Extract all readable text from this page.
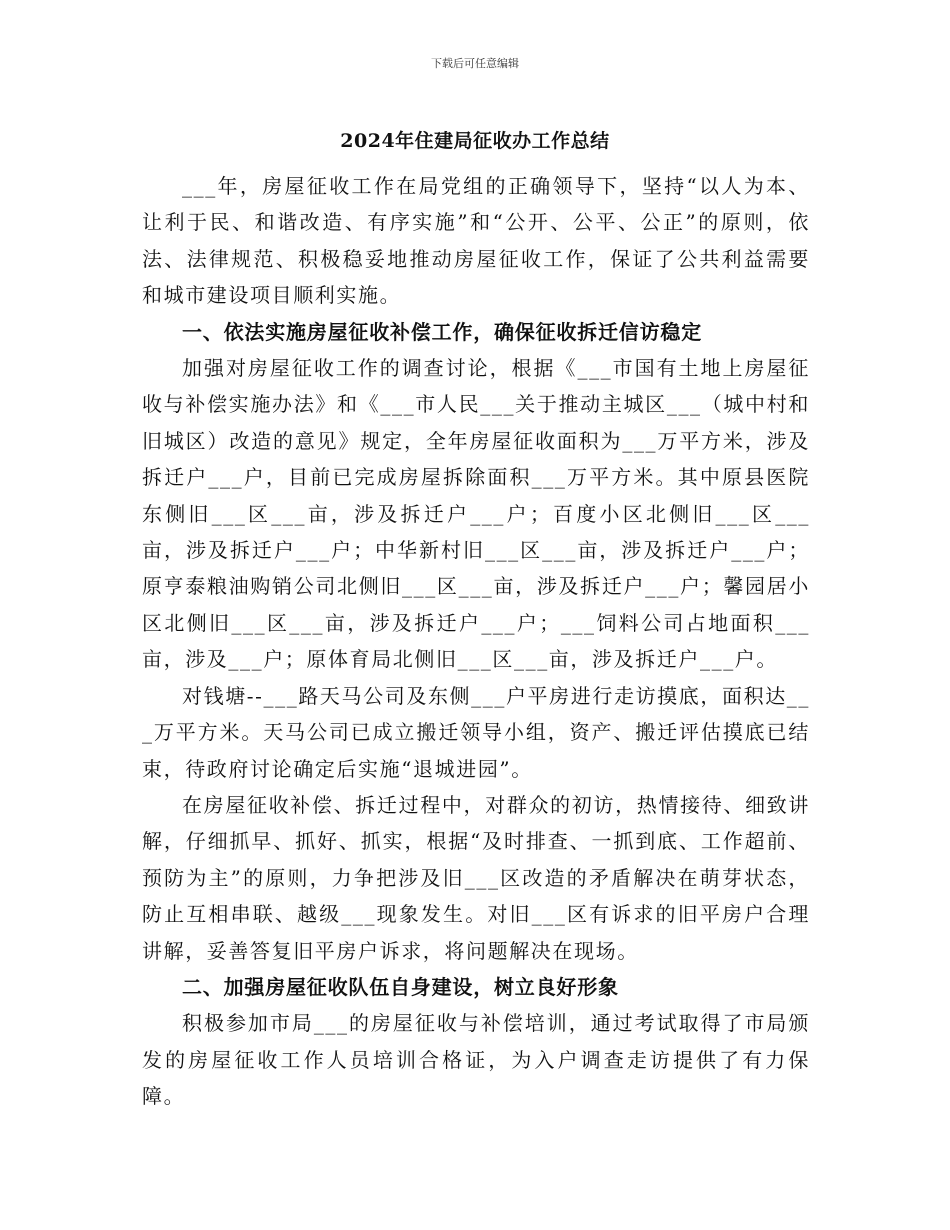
下载后可任意编辑
2024年住建局征收办工作总结

___年，房屋征收工作在局党组的正确领导下，坚持“以人为本、让利于民、和谐改造、有序实施”和“公开、公平、公正”的原则，依法、法律规范、积极稳妥地推动房屋征收工作，保证了公共利益需要和城市建设项目顺利实施。

一、依法实施房屋征收补偿工作，确保征收拆迁信访稳定

加强对房屋征收工作的调查讨论，根据《___市国有土地上房屋征收与补偿实施办法》和《___市人民___关于推动主城区___（城中村和旧城区）改造的意见》规定，全年房屋征收面积为___万平方米，涉及拆迁户___户，目前已完成房屋拆除面积___万平方米。其中原县医院东侧旧___区___亩，涉及拆迁户___户；百度小区北侧旧___区___亩，涉及拆迁户___户；中华新村旧___区___亩，涉及拆迁户___户；原亨泰粮油购销公司北侧旧___区___亩，涉及拆迁户___户；馨园居小区北侧旧___区___亩，涉及拆迁户___户；___饲料公司占地面积___亩，涉及___户；原体育局北侧旧___区___亩，涉及拆迁户___户。

对钱塘--___路天马公司及东侧___户平房进行走访摸底，面积达___万平方米。天马公司已成立搬迁领导小组，资产、搬迁评估摸底已结束，待政府讨论确定后实施“退城进园”。

在房屋征收补偿、拆迁过程中，对群众的初访，热情接待、细致讲解，仔细抓早、抓好、抓实，根据“及时排查、一抓到底、工作超前、预防为主”的原则，力争把涉及旧___区改造的矛盾解决在萌芽状态，防止互相串联、越级___现象发生。对旧___区有诉求的旧平房户合理讲解，妥善答复旧平房户诉求，将问题解决在现场。

二、加强房屋征收队伍自身建设，树立良好形象

积极参加市局___的房屋征收与补偿培训，通过考试取得了市局颁发的房屋征收工作人员培训合格证，为入户调查走访提供了有力保障。
